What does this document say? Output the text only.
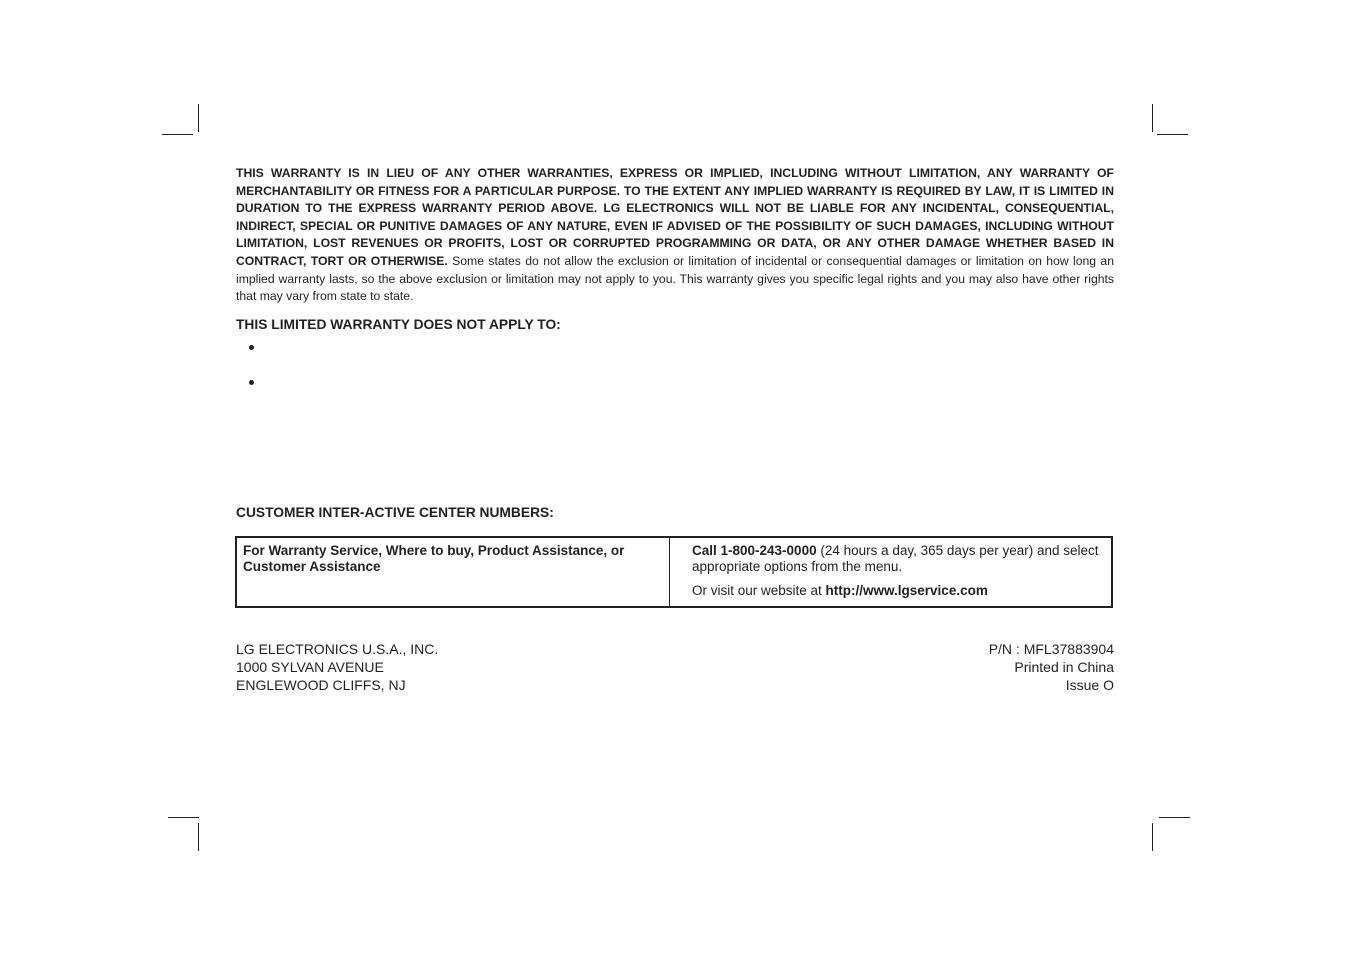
THIS WARRANTY IS IN LIEU OF ANY OTHER WARRANTIES, EXPRESS OR IMPLIED, INCLUDING WITHOUT LIMITATION, ANY WARRANTY OF MERCHANTABILITY OR FITNESS FOR A PARTICULAR PURPOSE. TO THE EXTENT ANY IMPLIED WARRANTY IS REQUIRED BY LAW, IT IS LIMITED IN DURATION TO THE EXPRESS WARRANTY PERIOD ABOVE. LG ELECTRONICS WILL NOT BE LIABLE FOR ANY INCIDENTAL, CONSEQUENTIAL, INDIRECT, SPECIAL OR PUNITIVE DAMAGES OF ANY NATURE, EVEN IF ADVISED OF THE POSSIBILITY OF SUCH DAMAGES, INCLUDING WITHOUT LIMITATION, LOST REVENUES OR PROFITS, LOST OR CORRUPTED PROGRAMMING OR DATA, OR ANY OTHER DAMAGE WHETHER BASED IN CONTRACT, TORT OR OTHERWISE. Some states do not allow the exclusion or limitation of incidental or consequential damages or limitation on how long an implied warranty lasts, so the above exclusion or limitation may not apply to you. This warranty gives you specific legal rights and you may also have other rights that may vary from state to state.

THIS LIMITED WARRANTY DOES NOT APPLY TO:
CUSTOMER INTER-ACTIVE CENTER NUMBERS:
For Warranty Service, Where to buy, Product Assistance, or Customer Assistance	
Call 1-800-243-0000 (24 hours a day, 365 days per year) and select appropriate options from the menu.
Or visit our website at http://www.lgservice.com
LG ELECTRONICS U.S.A., INC.
1000 SYLVAN AVENUE
ENGLEWOOD CLIFFS, NJ
P/N : MFL37883904
Printed in China
Issue O
